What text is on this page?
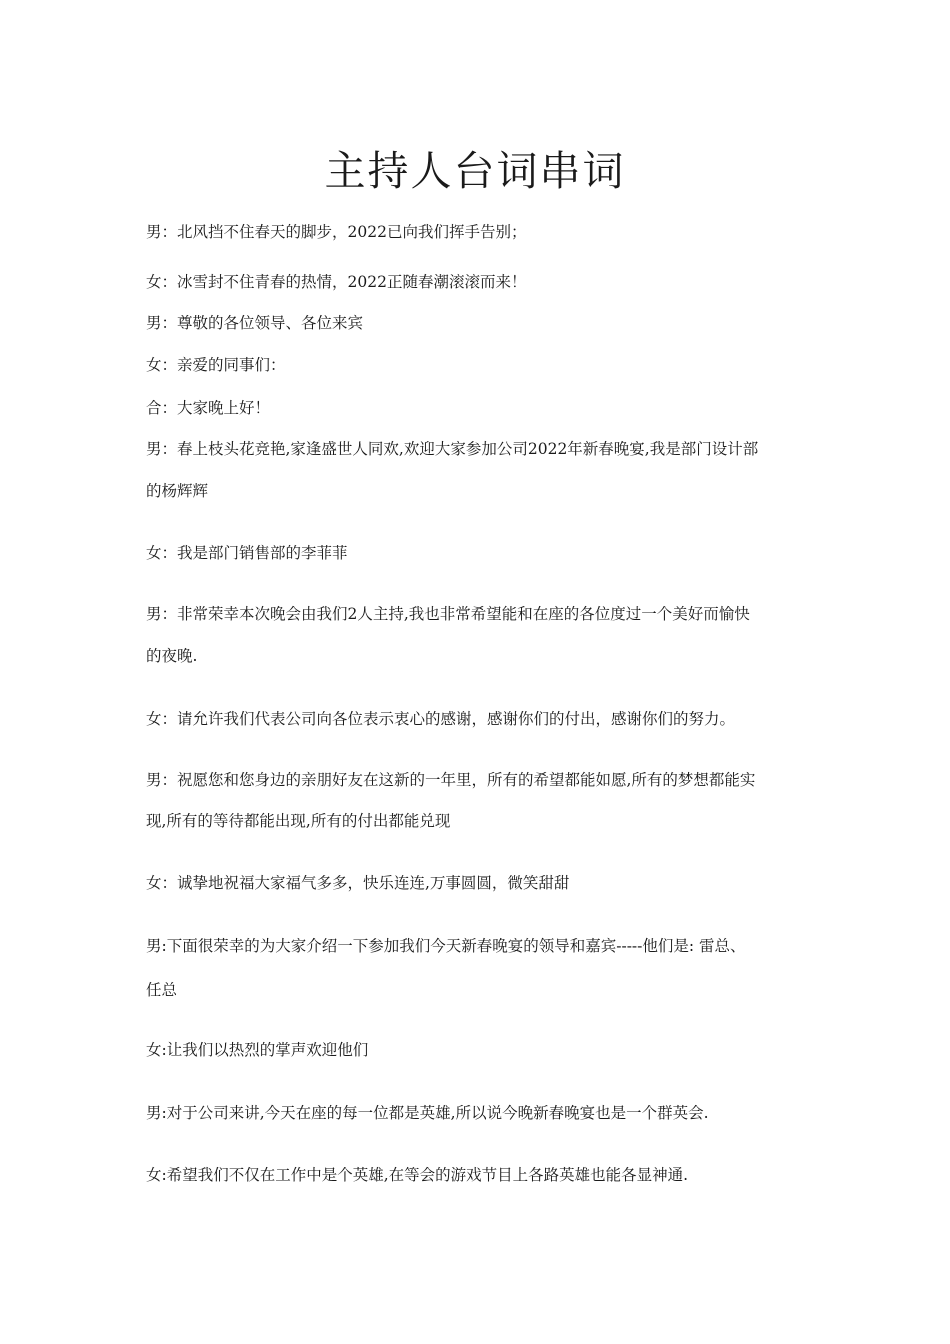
主持人台词串词

男：北风挡不住春天的脚步，2022已向我们挥手告别；

女：冰雪封不住青春的热情，2022正随春潮滚滚而来！

男：尊敬的各位领导、各位来宾

女：亲爱的同事们：

合：大家晚上好！

男：春上枝头花竞艳,家逢盛世人同欢,欢迎大家参加公司2022年新春晚宴,我是部门设计部

的杨辉辉

女：我是部门销售部的李菲菲

男：非常荣幸本次晚会由我们2人主持,我也非常希望能和在座的各位度过一个美好而愉快

的夜晚.

女：请允许我们代表公司向各位表示衷心的感谢，感谢你们的付出，感谢你们的努力。

男：祝愿您和您身边的亲朋好友在这新的一年里，所有的希望都能如愿,所有的梦想都能实

现,所有的等待都能出现,所有的付出都能兑现

女：诚挚地祝福大家福气多多，快乐连连,万事圆圆，微笑甜甜

男:下面很荣幸的为大家介绍一下参加我们今天新春晚宴的领导和嘉宾-----他们是: 雷总、

任总

女:让我们以热烈的掌声欢迎他们

男:对于公司来讲,今天在座的每一位都是英雄,所以说今晚新春晚宴也是一个群英会.

女:希望我们不仅在工作中是个英雄,在等会的游戏节目上各路英雄也能各显神通.
